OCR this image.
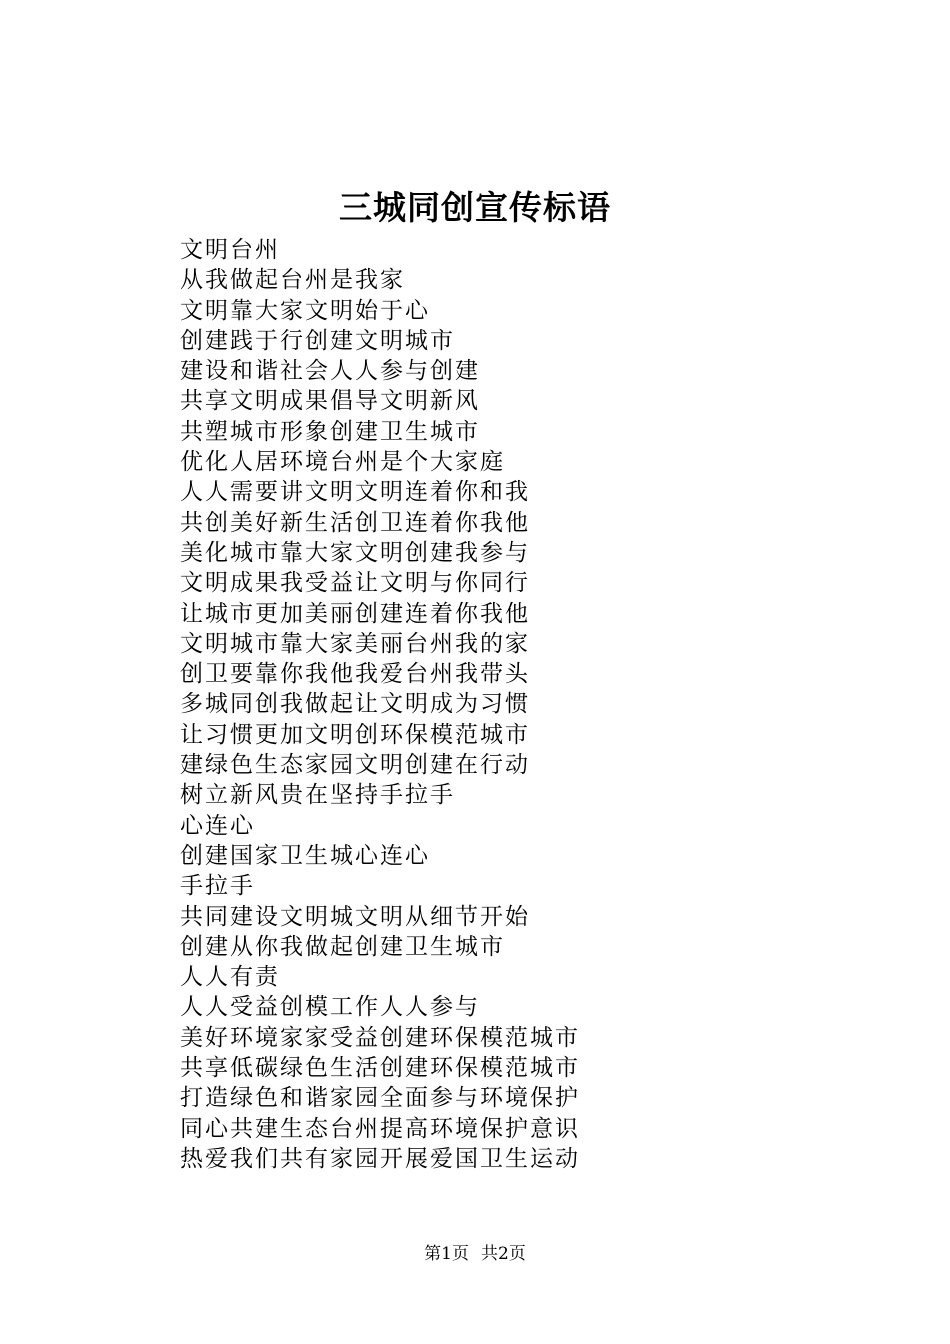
三城同创宣传标语
文明台州
从我做起台州是我家
文明靠大家文明始于心
创建践于行创建文明城市
建设和谐社会人人参与创建
共享文明成果倡导文明新风
共塑城市形象创建卫生城市
优化人居环境台州是个大家庭
人人需要讲文明文明连着你和我
共创美好新生活创卫连着你我他
美化城市靠大家文明创建我参与
文明成果我受益让文明与你同行
让城市更加美丽创建连着你我他
文明城市靠大家美丽台州我的家
创卫要靠你我他我爱台州我带头
多城同创我做起让文明成为习惯
让习惯更加文明创环保模范城市
建绿色生态家园文明创建在行动
树立新风贵在坚持手拉手
心连心
创建国家卫生城心连心
手拉手
共同建设文明城文明从细节开始
创建从你我做起创建卫生城市
人人有责
人人受益创模工作人人参与
美好环境家家受益创建环保模范城市
共享低碳绿色生活创建环保模范城市
打造绿色和谐家园全面参与环境保护
同心共建生态台州提高环境保护意识
热爱我们共有家园开展爱国卫生运动
第1页 共2页
